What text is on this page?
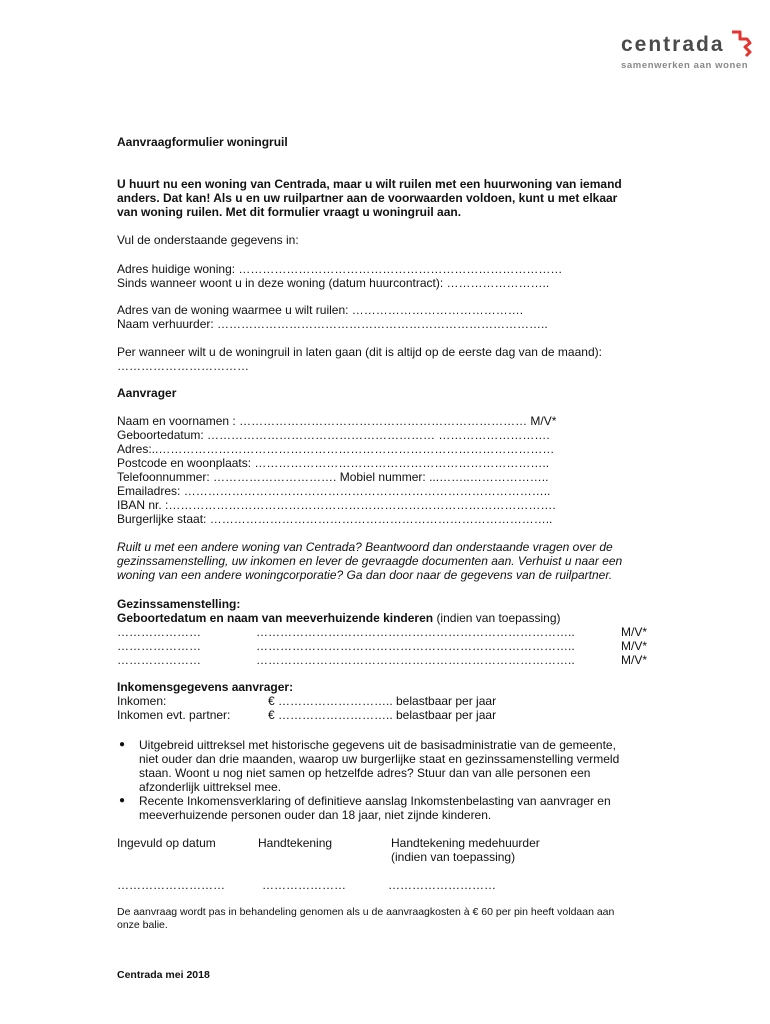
centrada
samenwerken aan wonen
Aanvraagformulier woningruil
U huurt nu een woning van Centrada, maar u wilt ruilen met een huurwoning van iemand
anders. Dat kan! Als u en uw ruilpartner aan de voorwaarden voldoen, kunt u met elkaar
van woning ruilen. Met dit formulier vraagt u woningruil aan.
Vul de onderstaande gegevens in:
Adres huidige woning: ………………………………………………………………………
Sinds wanneer woont u in deze woning (datum huurcontract): ……………………..
Adres van de woning waarmee u wilt ruilen: …………………………………….
Naam verhuurder: ………………………………………………………………………..
Per wanneer wilt u de woningruil in laten gaan (dit is altijd op de eerste dag van de maand):
……………………………
Aanvrager
Naam en voornamen : ……………………………………………………………… M/V*
Geboortedatum: ………………………………………………… ……………………….
Adres:..………………………………………………………………………………………
Postcode en woonplaats: ………………………………………………………………..
Telefoonnummer: …………………………. Mobiel nummer: ...……..………………..
Emailadres: ………………………………………………………………………………..
IBAN nr. :…………………………………………………………………………………….
Burgerlijke staat: …………………………………………………………………………..
Ruilt u met een andere woning van Centrada? Beantwoord dan onderstaande vragen over de
gezinssamenstelling, uw inkomen en lever de gevraagde documenten aan. Verhuist u naar een
woning van een andere woningcorporatie? Ga dan door naar de gegevens van de ruilpartner.
Gezinssamenstelling:
Geboortedatum en naam van meeverhuizende kinderen (indien van toepassing)
…………………	……………………………………………………………………..	M/V*
…………………	……………………………………………………………………..	M/V*
…………………	……………………………………………………………………..	M/V*
Inkomensgegevens aanvrager:
Inkomen:	€ ……………………….. belastbaar per jaar
Inkomen evt. partner:	€ ……………………….. belastbaar per jaar
● Uitgebreid uittreksel met historische gegevens uit de basisadministratie van de gemeente,
niet ouder dan drie maanden, waarop uw burgerlijke staat en gezinssamenstelling vermeld
staan. Woont u nog niet samen op hetzelfde adres? Stuur dan van alle personen een
afzonderlijk uittreksel mee.
● Recente Inkomensverklaring of definitieve aanslag Inkomstenbelasting van aanvrager en
meeverhuizende personen ouder dan 18 jaar, niet zijnde kinderen.
Ingevuld op datum	Handtekening	Handtekening medehuurder
(indien van toepassing)
………………………	…………………	………………………
De aanvraag wordt pas in behandeling genomen als u de aanvraagkosten à € 60 per pin heeft voldaan aan
onze balie.
Centrada mei 2018
